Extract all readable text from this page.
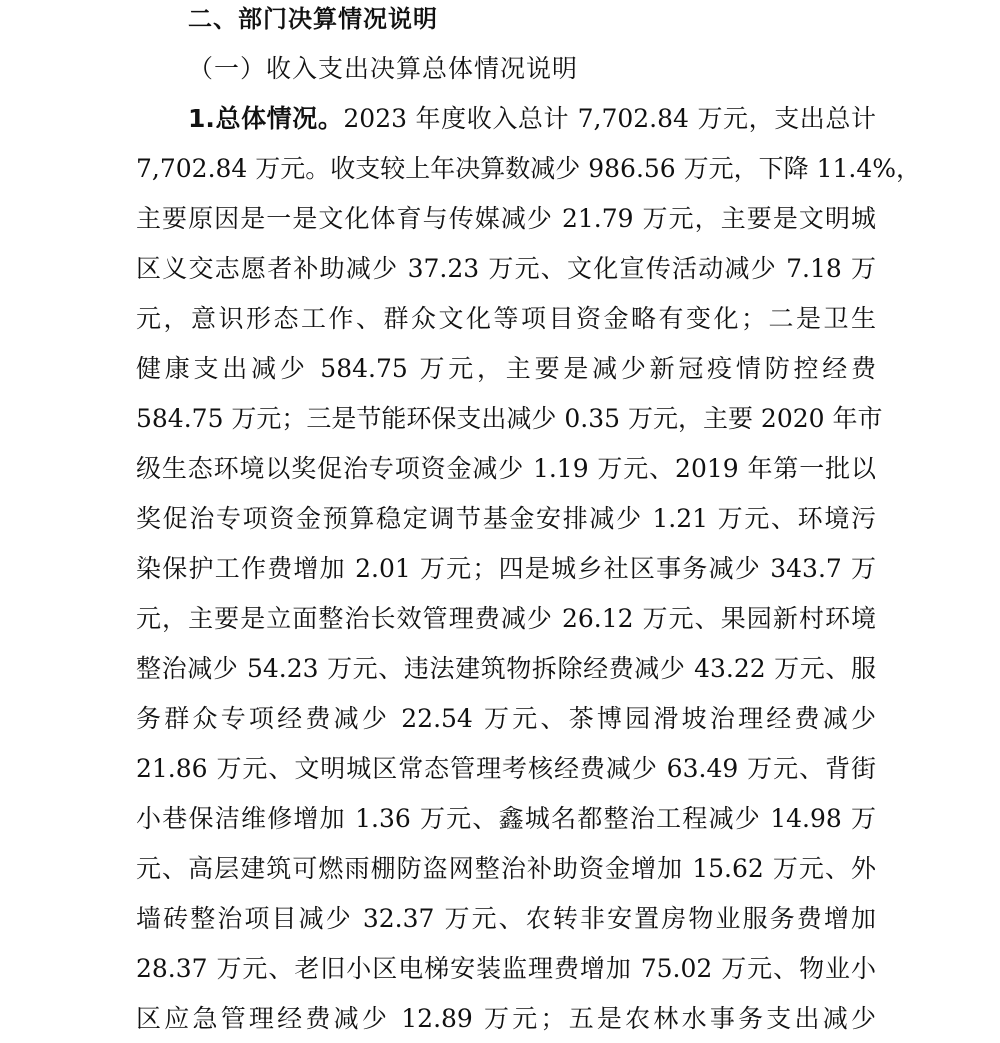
二、部门决算情况说明
（一）收入支出决算总体情况说明
1.总体情况。2023 年度收入总计 7,702.84 万元，支出总计
7,702.84 万元。收支较上年决算数减少 986.56 万元，下降 11.4%，
主要原因是一是文化体育与传媒减少 21.79 万元，主要是文明城
区义交志愿者补助减少 37.23 万元、文化宣传活动减少 7.18 万
元，意识形态工作、群众文化等项目资金略有变化；二是卫生
健康支出减少 584.75 万元，主要是减少新冠疫情防控经费
584.75 万元；三是节能环保支出减少 0.35 万元，主要 2020 年市
级生态环境以奖促治专项资金减少 1.19 万元、2019 年第一批以
奖促治专项资金预算稳定调节基金安排减少 1.21 万元、环境污
染保护工作费增加 2.01 万元；四是城乡社区事务减少 343.7 万
元，主要是立面整治长效管理费减少 26.12 万元、果园新村环境
整治减少 54.23 万元、违法建筑物拆除经费减少 43.22 万元、服
务群众专项经费减少 22.54 万元、茶博园滑坡治理经费减少
21.86 万元、文明城区常态管理考核经费减少 63.49 万元、背街
小巷保洁维修增加 1.36 万元、鑫城名都整治工程减少 14.98 万
元、高层建筑可燃雨棚防盗网整治补助资金增加 15.62 万元、外
墙砖整治项目减少 32.37 万元、农转非安置房物业服务费增加
28.37 万元、老旧小区电梯安装监理费增加 75.02 万元、物业小
区应急管理经费减少 12.89 万元；五是农林水事务支出减少
